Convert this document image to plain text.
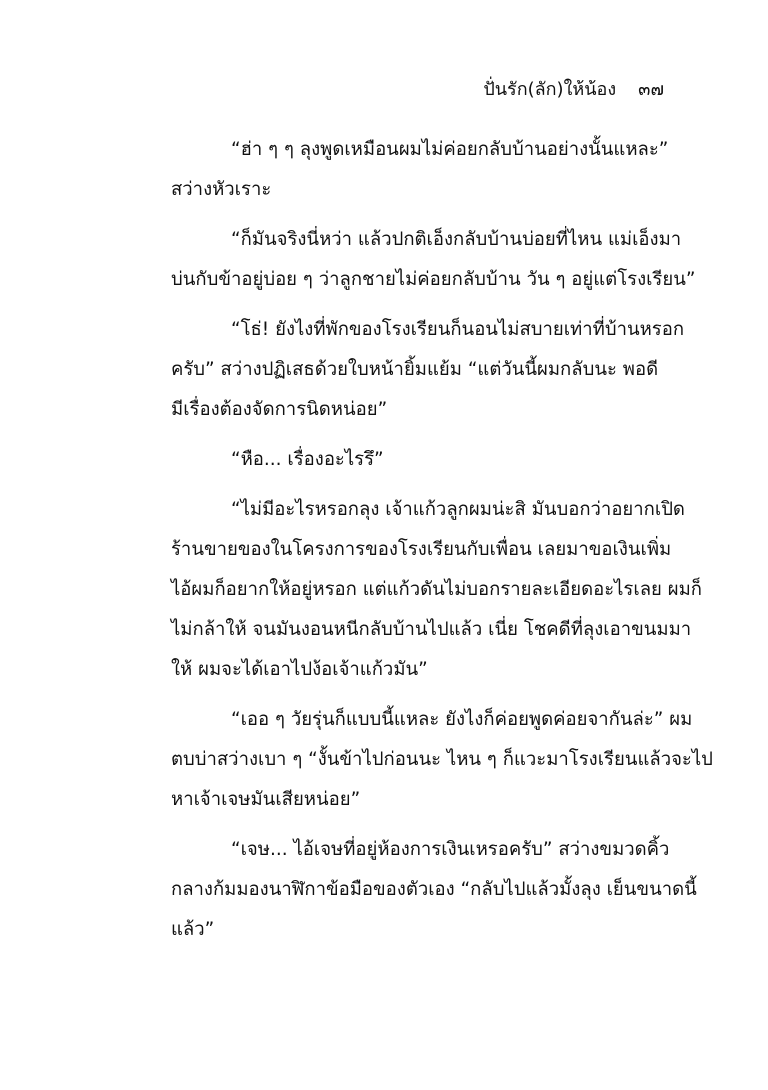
ปั่นรัก(ลัก)ให้น้อง ๓๗

“ฮ่า ๆ ๆ ลุงพูดเหมือนผมไม่ค่อยกลับบ้านอย่างนั้นแหละ”
สว่างหัวเราะ

“ก็มันจริงนี่หว่า แล้วปกติเอ็งกลับบ้านบ่อยที่ไหน แม่เอ็งมา
บ่นกับข้าอยู่บ่อย ๆ ว่าลูกชายไม่ค่อยกลับบ้าน วัน ๆ อยู่แต่โรงเรียน”

“โธ่! ยังไงที่พักของโรงเรียนก็นอนไม่สบายเท่าที่บ้านหรอก
ครับ” สว่างปฏิเสธด้วยใบหน้ายิ้มแย้ม “แต่วันนี้ผมกลับนะ พอดี
มีเรื่องต้องจัดการนิดหน่อย”

“หือ... เรื่องอะไรรึ”

“ไม่มีอะไรหรอกลุง เจ้าแก้วลูกผมน่ะสิ มันบอกว่าอยากเปิด
ร้านขายของในโครงการของโรงเรียนกับเพื่อน เลยมาขอเงินเพิ่ม
ไอ้ผมก็อยากให้อยู่หรอก แต่แก้วดันไม่บอกรายละเอียดอะไรเลย ผมก็
ไม่กล้าให้ จนมันงอนหนีกลับบ้านไปแล้ว เนี่ย โชคดีที่ลุงเอาขนมมา
ให้ ผมจะได้เอาไปง้อเจ้าแก้วมัน”

“เออ ๆ วัยรุ่นก็แบบนี้แหละ ยังไงก็ค่อยพูดค่อยจากันล่ะ” ผม
ตบบ่าสว่างเบา ๆ “งั้นข้าไปก่อนนะ ไหน ๆ ก็แวะมาโรงเรียนแล้วจะไป
หาเจ้าเจษมันเสียหน่อย”

“เจษ... ไอ้เจษที่อยู่ห้องการเงินเหรอครับ” สว่างขมวดคิ้ว
กลางก้มมองนาฬิกาข้อมือของตัวเอง “กลับไปแล้วมั้งลุง เย็นขนาดนี้
แล้ว”
